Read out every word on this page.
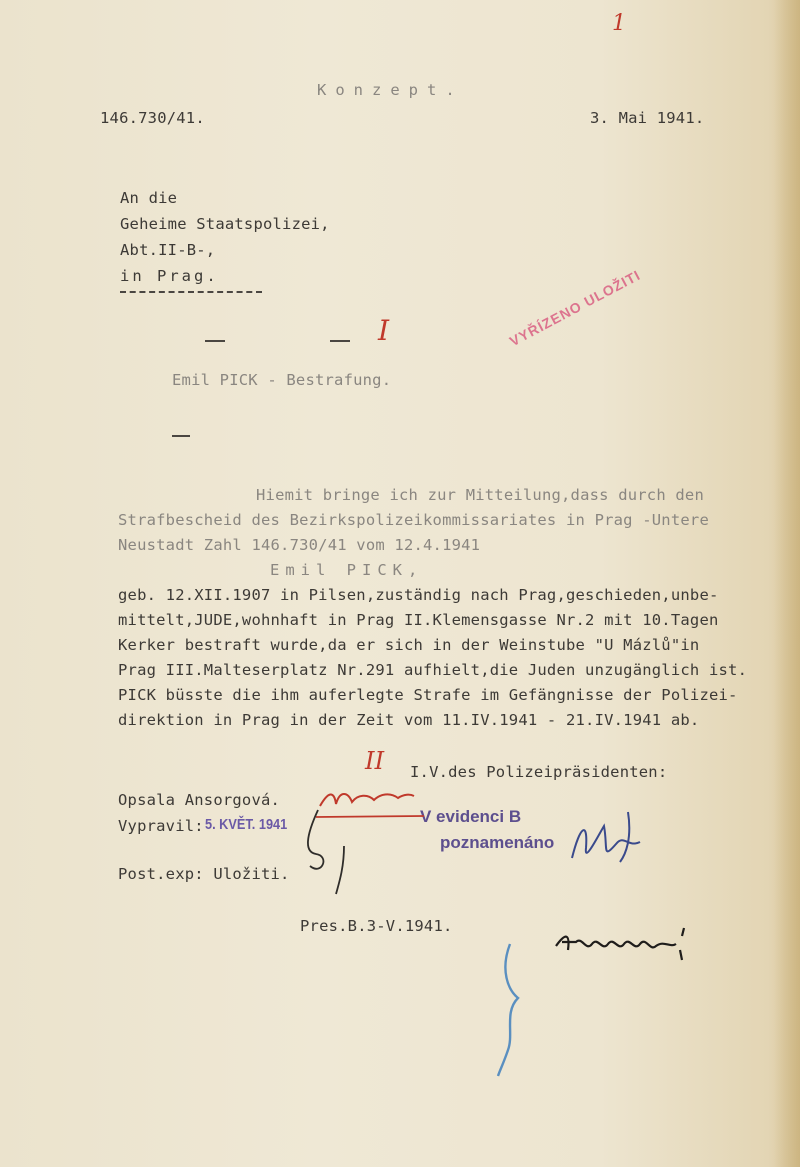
1
Konzept.
146.730/41.	3. Mai 1941.
An die
Geheime Staatspolizei,
Abt.II-B-,
in Prag.
I	VYŘÍZENO ULOŽITI
Emil PICK - Bestrafung.
Hiemit bringe ich zur Mitteilung,dass durch den
Strafbescheid des Bezirkspolizeikommissariates in Prag -Untere
Neustadt Zahl 146.730/41 vom 12.4.1941
Emil PICK,
geb. 12.XII.1907 in Pilsen,zuständig nach Prag,geschieden,unbe-
mittelt,JUDE,wohnhaft in Prag II.Klemensgasse Nr.2 mit 10.Tagen
Kerker bestraft wurde,da er sich in der Weinstube "U Mázlů"in
Prag III.Malteserplatz Nr.291 aufhielt,die Juden unzugänglich ist.
PICK büsste die ihm auferlegte Strafe im Gefängnisse der Polizei-
direktion in Prag in der Zeit vom 11.IV.1941 - 21.IV.1941 ab.
II I.V.des Polizeipräsidenten:
Opsala Ansorgová.
Vypravil: 5. KVĚT. 1941
Post.exp: Uložiti.
V evidenci B
poznamenáno
Pres.B.3-V.1941.
